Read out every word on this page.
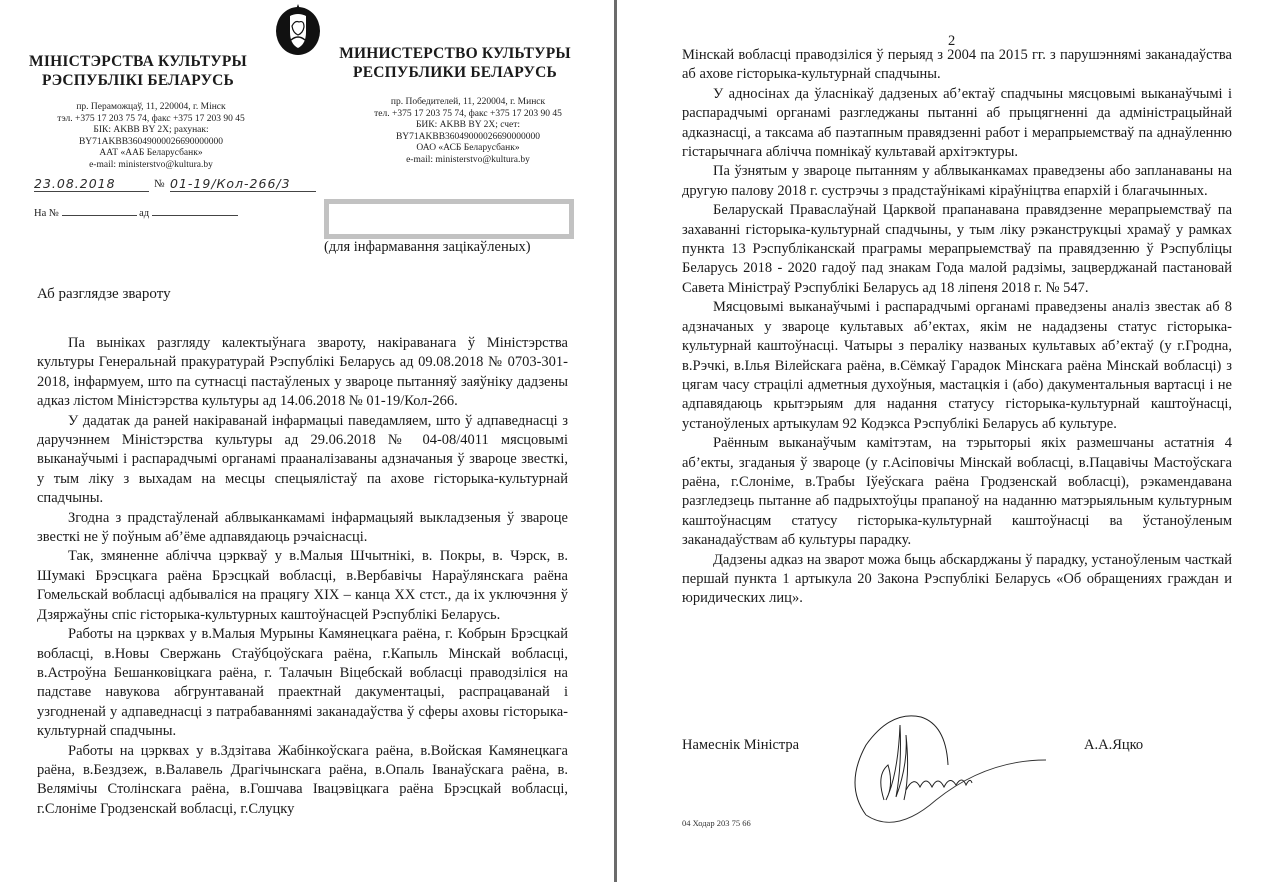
МІНІСТЭРСТВА КУЛЬТУРЫ
РЭСПУБЛІКІ БЕЛАРУСЬ
пр. Пераможцаў, 11, 220004, г. Мінск
тэл. +375 17 203 75 74, факс +375 17 203 90 45
БІК: AKBB BY 2X; рахунак:
BY71AKBB36049000026690000000
ААТ «ААБ Беларусбанк»
e-mail: ministerstvo@kultura.by
МИНИСТЕРСТВО КУЛЬТУРЫ
РЕСПУБЛИКИ БЕЛАРУСЬ
пр. Победителей, 11, 220004, г. Минск
тел. +375 17 203 75 74, факс +375 17 203 90 45
БИК: AKBB BY 2X; счет:
BY71AKBB36049000026690000000
ОАО «АСБ Беларусбанк»
e-mail: ministerstvo@kultura.by
23.08.2018	№ 01-19/Кол-266/3
На №	ад
(для інфармавання зацікаўленых)
Аб разглядзе звароту

Па выніках разгляду калектыўнага звароту, накіраванага ў Міністэрства культуры Генеральнай пракуратурай Рэспублікі Беларусь ад 09.08.2018 № 0703-301-2018, інфармуем, што па сутнасці пастаўленых у звароце пытанняў заяўніку дадзены адказ лістом Міністэрства культуры ад 14.06.2018 № 01-19/Кол-266.

У дадатак да раней накіраванай інфармацыі паведамляем, што ў адпаведнасці з даручэннем Міністэрства культуры ад 29.06.2018 № 04-08/4011 мясцовымі выканаўчымі і распарадчымі органамі прааналізаваны адзначаныя ў звароце звесткі, у тым ліку з выхадам на месцы спецыялістаў па ахове гісторыка-культурнай спадчыны.

Згодна з прадстаўленай аблвыканкамамі інфармацыяй выкладзеныя ў звароце звесткі не ў поўным аб’ёме адпавядаюць рэчаіснасці.

Так, змяненне аблічча цэркваў у в.Малыя Шчытнікі, в. Покры, в. Чэрск, в. Шумакі Брэсцкага раёна Брэсцкай вобласці, в.Вербавічы Нараўлянскага раёна Гомельскай вобласці адбываліся на працягу XIX – канца XX стст., да іх уключэння ў Дзяржаўны спіс гісторыка-культурных каштоўнасцей Рэспублікі Беларусь.

Работы на цэрквах у в.Малыя Мурыны Камянецкага раёна, г. Кобрын Брэсцкай вобласці, в.Новы Свержань Стаўбцоўскага раёна, г.Капыль Мінскай вобласці, в.Астроўна Бешанковіцкага раёна, г. Талачын Віцебскай вобласці праводзіліся на падставе навукова абгрунтаванай праектнай дакументацыі, распрацаванай і узгодненай у адпаведнасці з патрабаваннямі заканадаўства ў сферы аховы гісторыка-культурнай спадчыны.

Работы на цэрквах у в.Здзітава Жабінкоўскага раёна, в.Войская Камянецкага раёна, в.Бездзеж, в.Валавель Драгічынскага раёна, в.Опаль Іванаўскага раёна, в. Велямічы Столінскага раёна, в.Гошчава Івацэвіцкага раёна Брэсцкай вобласці, г.Слоніме Гродзенскай вобласці, г.Слуцку

2

Мінскай вобласці праводзіліся ў перыяд з 2004 па 2015 гг. з парушэннямі заканадаўства аб ахове гісторыка-культурнай спадчыны.

У адносінах да ўласнікаў дадзеных аб’ектаў спадчыны мясцовымі выканаўчымі і распарадчымі органамі разгледжаны пытанні аб прыцягненні да адміністрацыйнай адказнасці, а таксама аб паэтапным правядзенні работ і мерапрыемстваў па аднаўленню гістарычнага аблічча помнікаў культавай архітэктуры.

Па ўзнятым у звароце пытанням у аблвыканкамах праведзены або запланаваны на другую палову 2018 г. сустрэчы з прадстаўнікамі кіраўніцтва епархій і благачынных.

Беларускай Праваслаўнай Царквой прапанавана правядзенне мерапрыемстваў па захаванні гісторыка-культурнай спадчыны, у тым ліку рэканструкцыі храмаў у рамках пункта 13 Рэспубліканскай праграмы мерапрыемстваў па правядзенню ў Рэспубліцы Беларусь 2018 - 2020 гадоў пад знакам Года малой радзімы, зацверджанай пастановай Савета Міністраў Рэспублікі Беларусь ад 18 ліпеня 2018 г. № 547.

Мясцовымі выканаўчымі і распарадчымі органамі праведзены аналіз звестак аб 8 адзначаных у звароце культавых аб’ектах, якім не нададзены статус гісторыка-культурнай каштоўнасці. Чатыры з пераліку названых культавых аб’ектаў (у г.Гродна, в.Рэчкі, в.Ілья Вілейскага раёна, в.Сёмкаў Гарадок Мінскага раёна Мінскай вобласці) з цягам часу страцілі адметныя духоўныя, мастацкія і (або) дакументальныя вартасці і не адпавядаюць крытэрыям для надання статусу гісторыка-культурнай каштоўнасці, устаноўленых артыкулам 92 Кодэкса Рэспублікі Беларусь аб культуре.

Раённым выканаўчым камітэтам, на тэрыторыі якіх размешчаны астатнія 4 аб’екты, згаданыя ў звароце (у г.Асіповічы Мінскай вобласці, в.Пацавічы Мастоўскага раёна, г.Слоніме, в.Трабы Іўеўскага раёна Гродзенскай вобласці), рэкамендавана разгледзець пытанне аб падрыхтоўцы прапаноў на наданню матэрыяльным культурным каштоўнасцям статусу гісторыка-культурнай каштоўнасці ва ўстаноўленым заканадаўствам аб культуры парадку.

Дадзены адказ на зварот можа быць абскарджаны ў парадку, устаноўленым часткай першай пункта 1 артыкула 20 Закона Рэспублікі Беларусь «Об обращениях граждан и юридических лиц».

Намеснік Міністра	А.А.Яцко
04 Ходар 203 75 66
